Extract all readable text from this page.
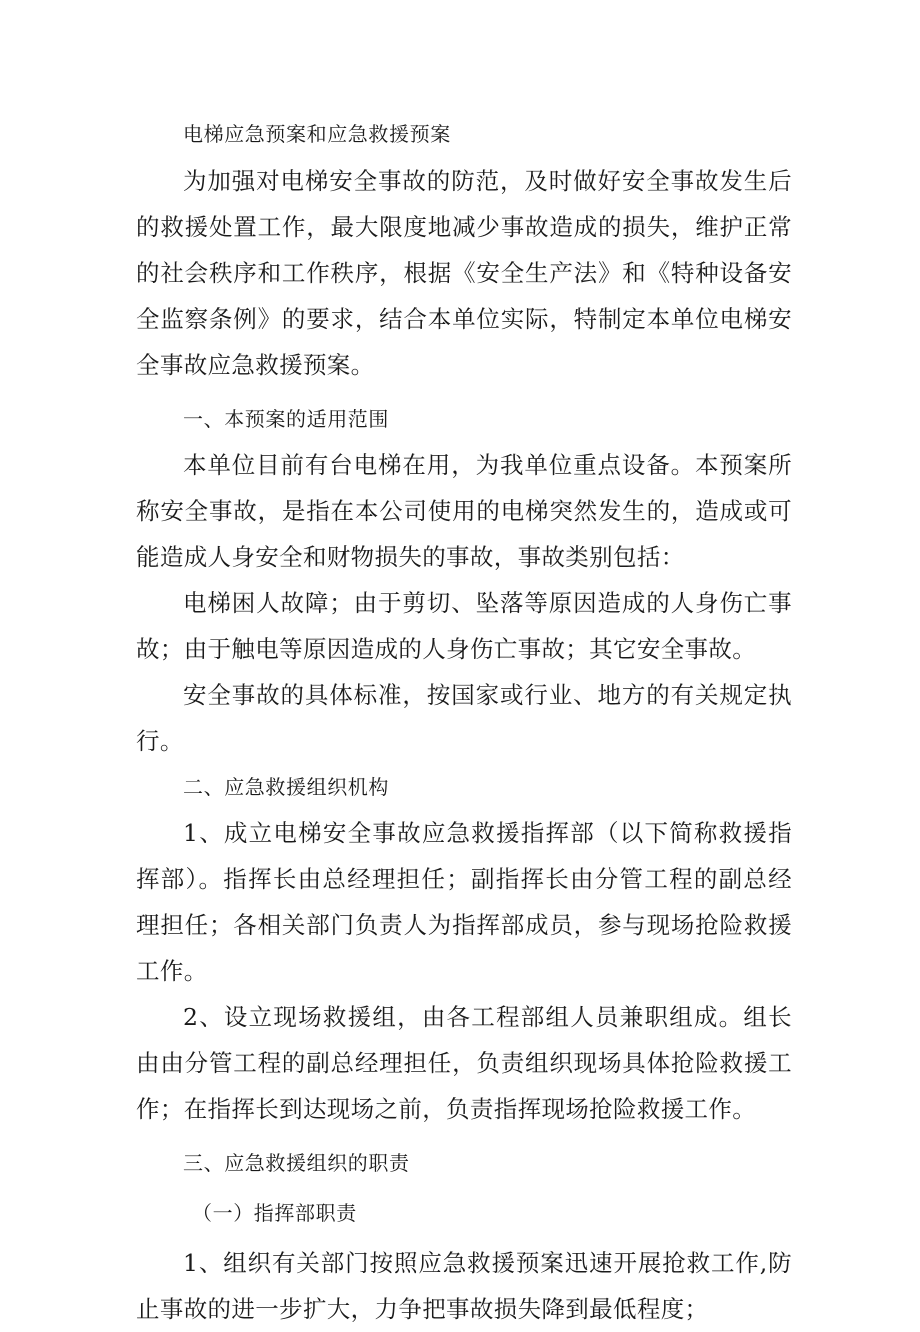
电梯应急预案和应急救援预案

为加强对电梯安全事故的防范，及时做好安全事故发生后的救援处置工作，最大限度地减少事故造成的损失，维护正常的社会秩序和工作秩序，根据《安全生产法》和《特种设备安全监察条例》的要求，结合本单位实际，特制定本单位电梯安全事故应急救援预案。

一、本预案的适用范围

本单位目前有台电梯在用，为我单位重点设备。本预案所称安全事故，是指在本公司使用的电梯突然发生的，造成或可能造成人身安全和财物损失的事故，事故类别包括：

电梯困人故障；由于剪切、坠落等原因造成的人身伤亡事故；由于触电等原因造成的人身伤亡事故；其它安全事故。

安全事故的具体标准，按国家或行业、地方的有关规定执行。

二、应急救援组织机构

1、成立电梯安全事故应急救援指挥部（以下简称救援指挥部）。指挥长由总经理担任；副指挥长由分管工程的副总经理担任；各相关部门负责人为指挥部成员，参与现场抢险救援工作。

2、设立现场救援组，由各工程部组人员兼职组成。组长由由分管工程的副总经理担任，负责组织现场具体抢险救援工作；在指挥长到达现场之前，负责指挥现场抢险救援工作。

三、应急救援组织的职责

（一）指挥部职责

1、组织有关部门按照应急救援预案迅速开展抢救工作,防止事故的进一步扩大，力争把事故损失降到最低程度；
